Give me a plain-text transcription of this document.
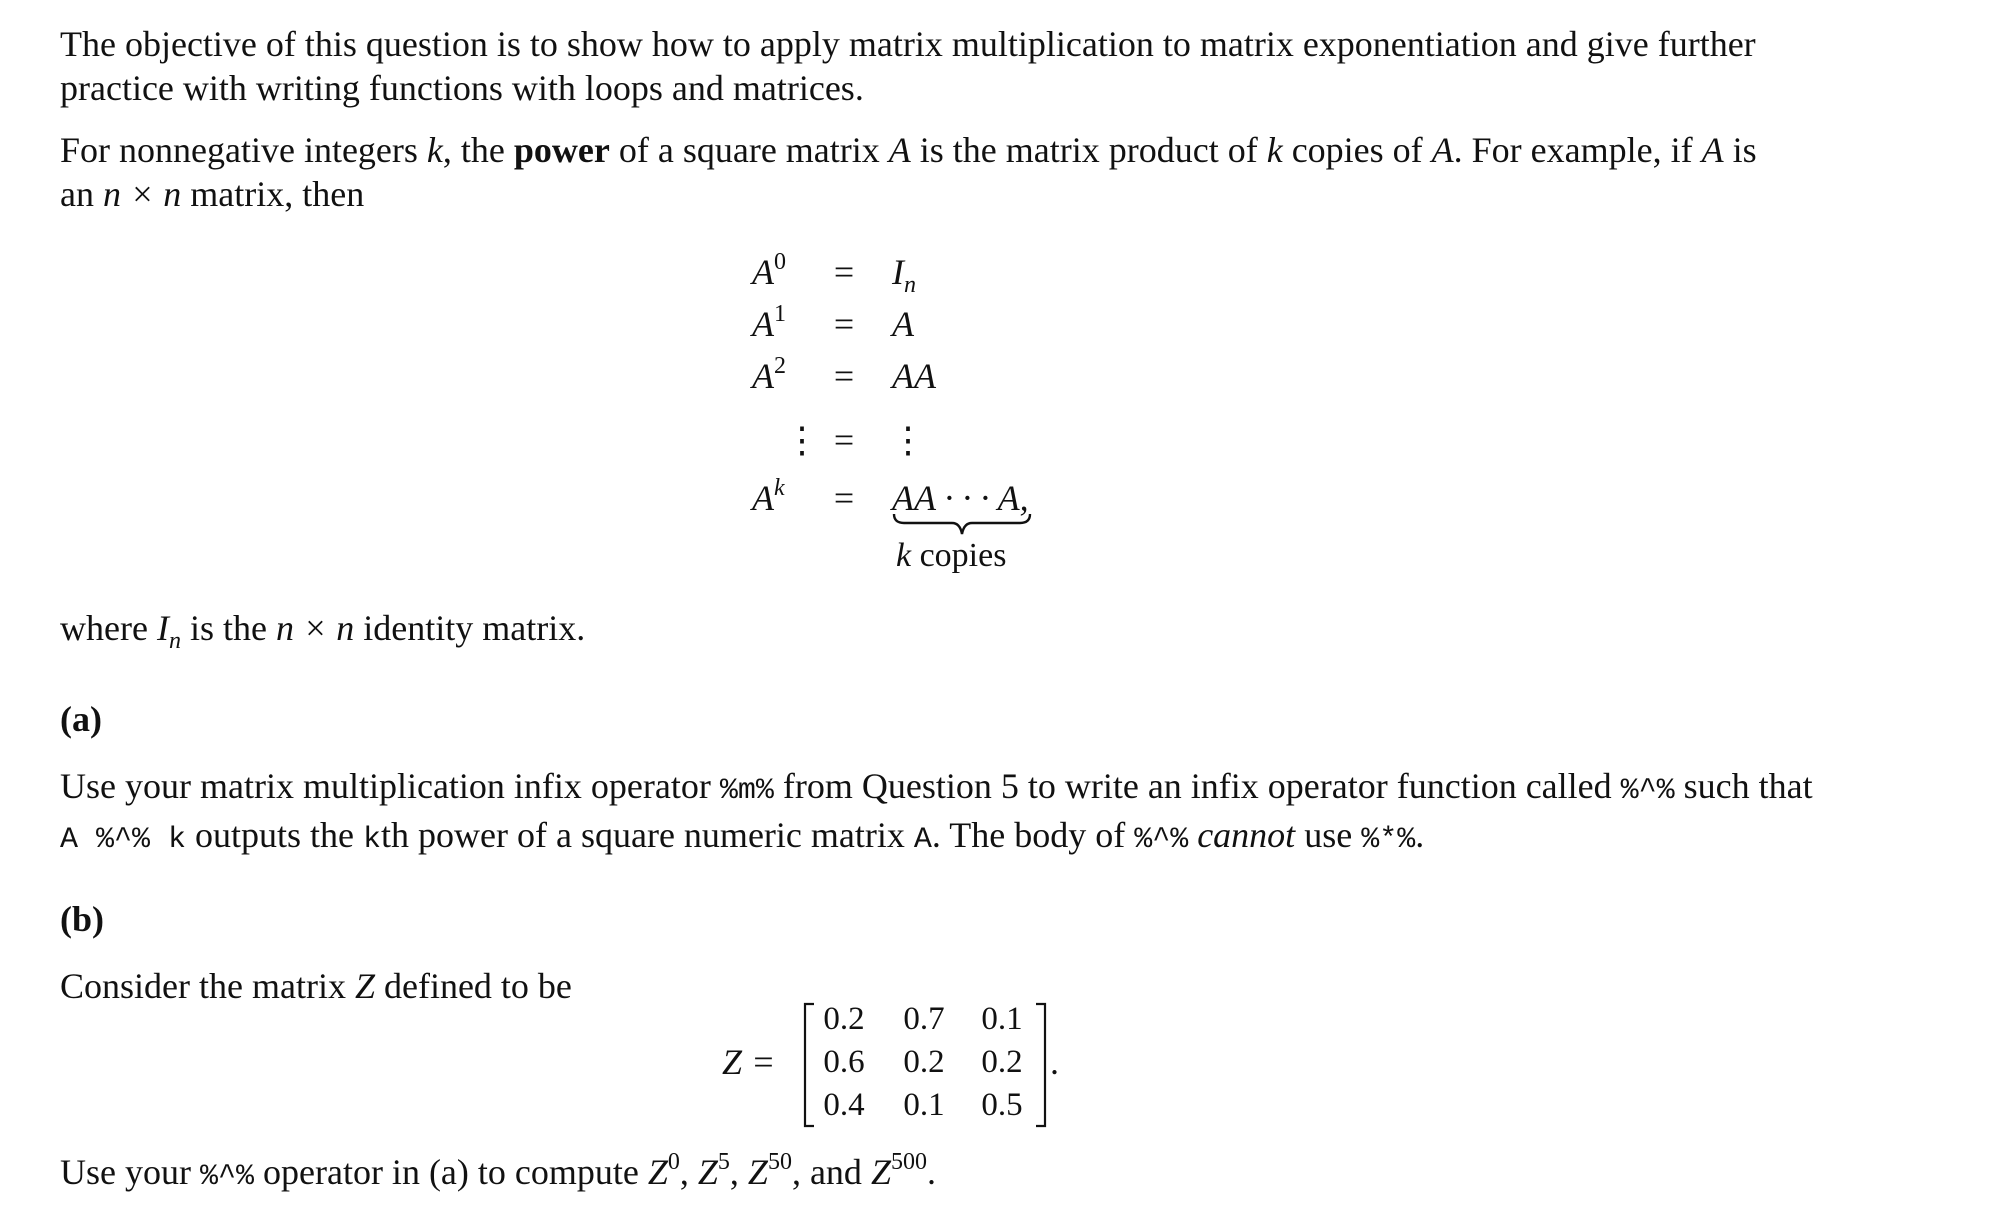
The objective of this question is to show how to apply matrix multiplication to matrix exponentiation and give further practice with writing functions with loops and matrices.

For nonnegative integers k, the power of a square matrix A is the matrix product of k copies of A. For example, if A is an n × n matrix, then

$A^0$	= $I_n$
$A^1$	= A
$A^2$	= AA
⋮ = ⋮
$A^k$	= AA · · · A,
k copies

where $I_n$ is the n × n identity matrix.

(a)

Use your matrix multiplication infix operator %m% from Question 5 to write an infix operator function called %^% such that A %^% k outputs the kth power of a square numeric matrix A. The body of %^% cannot use %*%.

(b)

Consider the matrix Z defined to be

Z =
0.2	0.7	0.1
0.6	0.2	0.2
0.4	0.1	0.5
.

Use your %^% operator in (a) to compute $Z^0$, $Z^5$, $Z^{50}$, and $Z^{500}$.
